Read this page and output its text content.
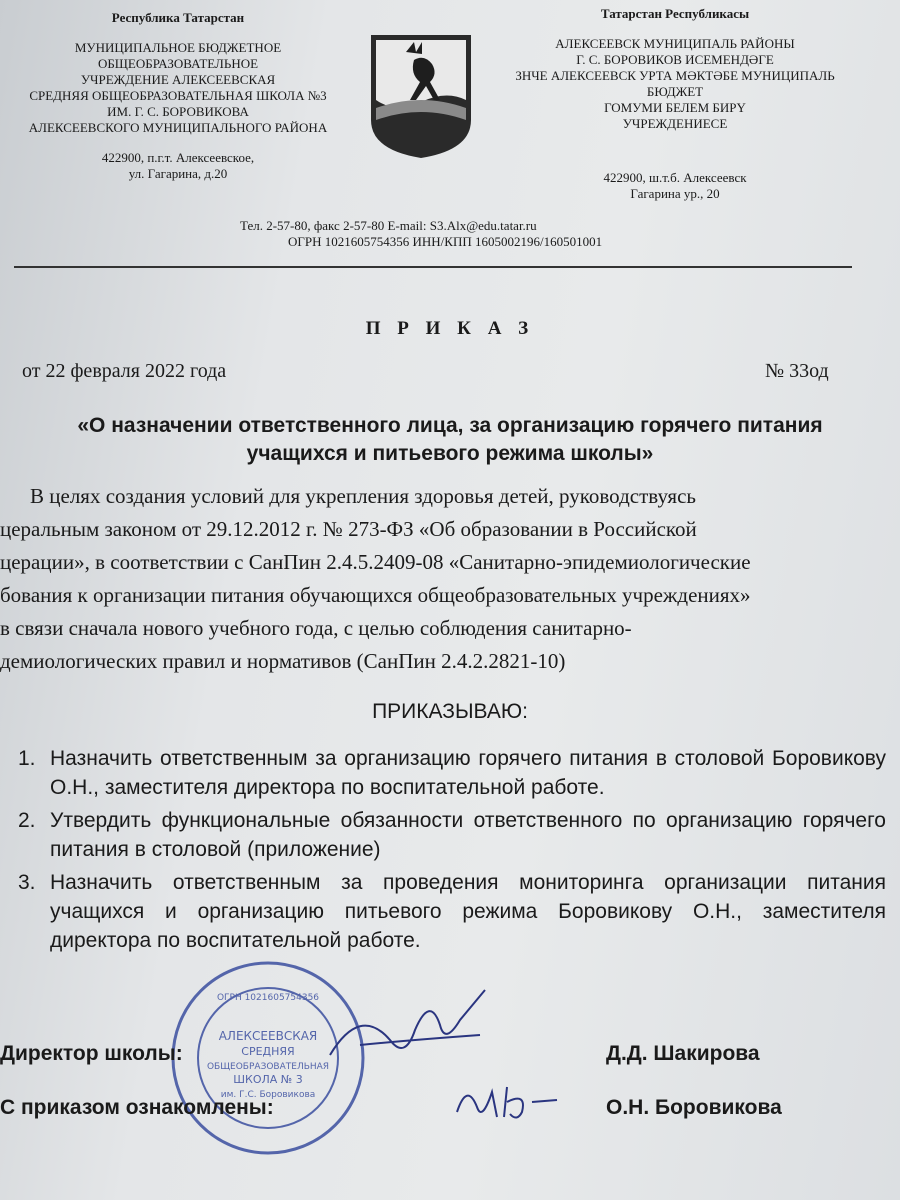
Республика Татарстан
МУНИЦИПАЛЬНОЕ БЮДЖЕТНОЕ
ОБЩЕОБРАЗОВАТЕЛЬНОЕ
УЧРЕЖДЕНИЕ АЛЕКСЕЕВСКАЯ
СРЕДНЯЯ ОБЩЕОБРАЗОВАТЕЛЬНАЯ ШКОЛА №3
ИМ. Г. С. БОРОВИКОВА
АЛЕКСЕЕВСКОГО МУНИЦИПАЛЬНОГО РАЙОНА
422900, п.г.т. Алексеевское,
ул. Гагарина, д.20
Татарстан Республикасы
АЛЕКСЕЕВСК МУНИЦИПАЛЬ РАЙОНЫ
Г. С. БОРОВИКОВ ИСЕМЕНДӘГЕ
ЗНЧЕ АЛЕКСЕЕВСК УРТА МӘКТӘБЕ МУНИЦИПАЛЬ
БЮДЖЕТ
ГОМУМИ БЕЛЕМ БИРҮ
УЧРЕЖДЕНИЕСЕ
422900, ш.т.б. Алексеевск
Гагарина ур., 20
Тел. 2-57-80, факс 2-57-80 E-mail: S3.Alx@edu.tatar.ru
ОГРН 1021605754356 ИНН/КПП 1605002196/160501001
П Р И К А З
от 22 февраля 2022 года	№ 33од
«О назначении ответственного лица, за организацию горячего питания
учащихся и питьевого режима школы»
В целях создания условий для укрепления здоровья детей, руководствуясь
церальным законом от 29.12.2012 г. № 273-ФЗ «Об образовании в Российской
церации», в соответствии с СанПин 2.4.5.2409-08 «Санитарно-эпидемиологические
бования к организации питания обучающихся общеобразовательных учреждениях»
в связи сначала нового учебного года, с целью соблюдения санитарно-
демиологических правил и нормативов (СанПин 2.4.2.2821-10)
ПРИКАЗЫВАЮ:
1. Назначить ответственным за организацию горячего питания в столовой Боровикову О.Н., заместителя директора по воспитательной работе.
2. Утвердить функциональные обязанности ответственного по организацию горячего питания в столовой (приложение)
3. Назначить ответственным за проведения мониторинга организации питания учащихся и организацию питьевого режима Боровикову О.Н., заместителя директора по воспитательной работе.
ОГРН 1021605754356
АЛЕКСЕЕВСКАЯ
СРЕДНЯЯ
ОБЩЕОБРАЗОВАТЕЛЬНАЯ
ШКОЛА № 3
им. Г.С. Боровикова
Директор школы:	Д.Д. Шакирова
С приказом ознакомлены:	О.Н. Боровикова
